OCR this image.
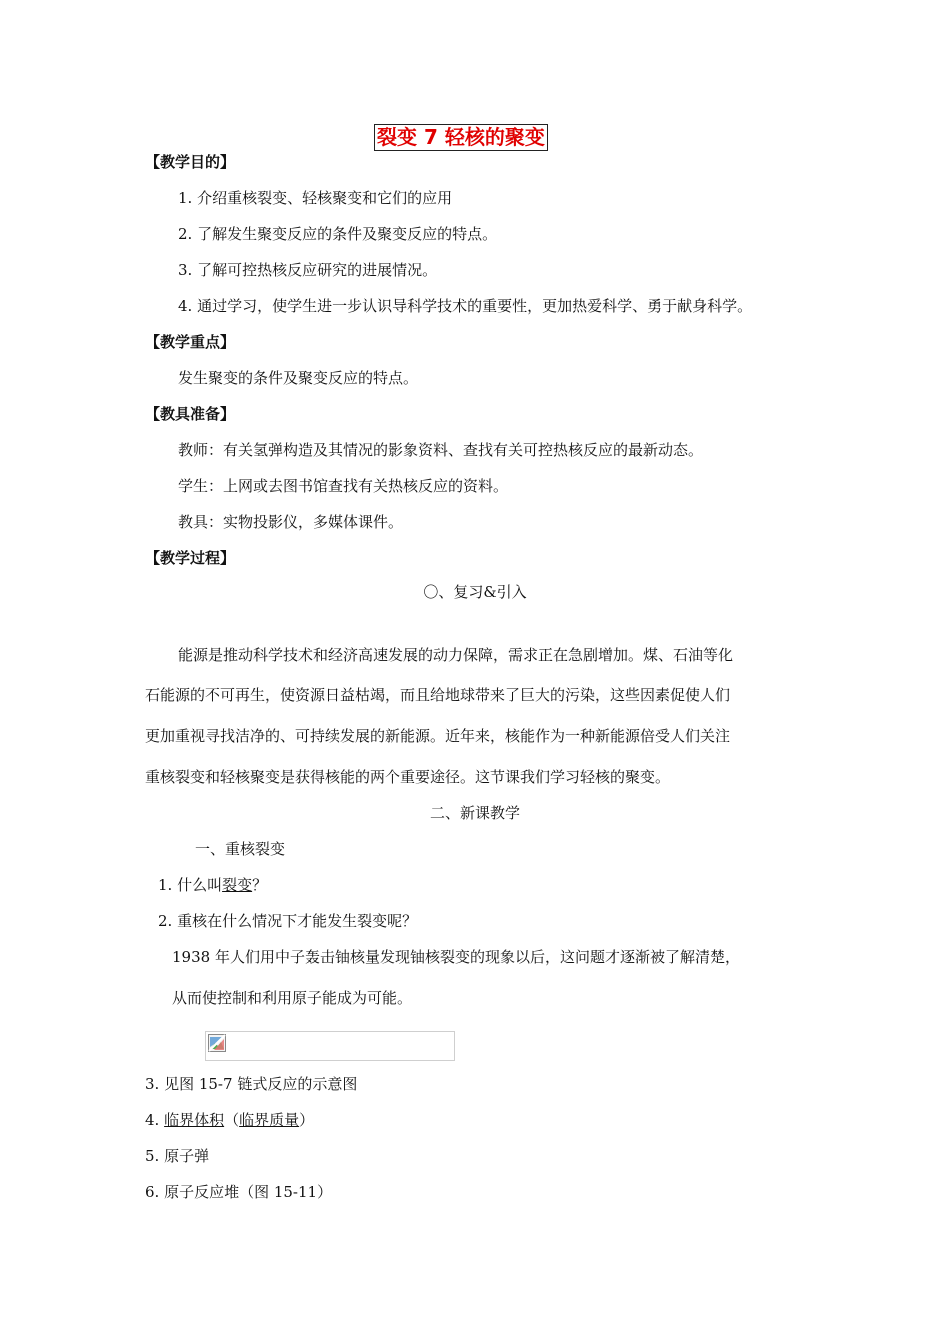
裂变 7 轻核的聚变
【教学目的】
1. 介绍重核裂变、轻核聚变和它们的应用
2. 了解发生聚变反应的条件及聚变反应的特点。
3. 了解可控热核反应研究的进展情况。
4. 通过学习，使学生进一步认识导科学技术的重要性，更加热爱科学、勇于献身科学。
【教学重点】
发生聚变的条件及聚变反应的特点。
【教具准备】
教师：有关氢弹构造及其情况的影象资料、查找有关可控热核反应的最新动态。
学生：上网或去图书馆查找有关热核反应的资料。
教具：实物投影仪，多媒体课件。
【教学过程】
〇、复习&引入
能源是推动科学技术和经济高速发展的动力保障，需求正在急剧增加。煤、石油等化
石能源的不可再生，使资源日益枯竭，而且给地球带来了巨大的污染，这些因素促使人们
更加重视寻找洁净的、可持续发展的新能源。近年来，核能作为一种新能源倍受人们关注
重核裂变和轻核聚变是获得核能的两个重要途径。这节课我们学习轻核的聚变。
二、新课教学
一、重核裂变
1. 什么叫裂变？
2. 重核在什么情况下才能发生裂变呢？
1938 年人们用中子轰击铀核量发现铀核裂变的现象以后，这问题才逐渐被了解清楚，
从而使控制和利用原子能成为可能。
3. 见图 15-7 链式反应的示意图
4. 临界体积（临界质量）
5. 原子弹
6. 原子反应堆（图 15-11）
